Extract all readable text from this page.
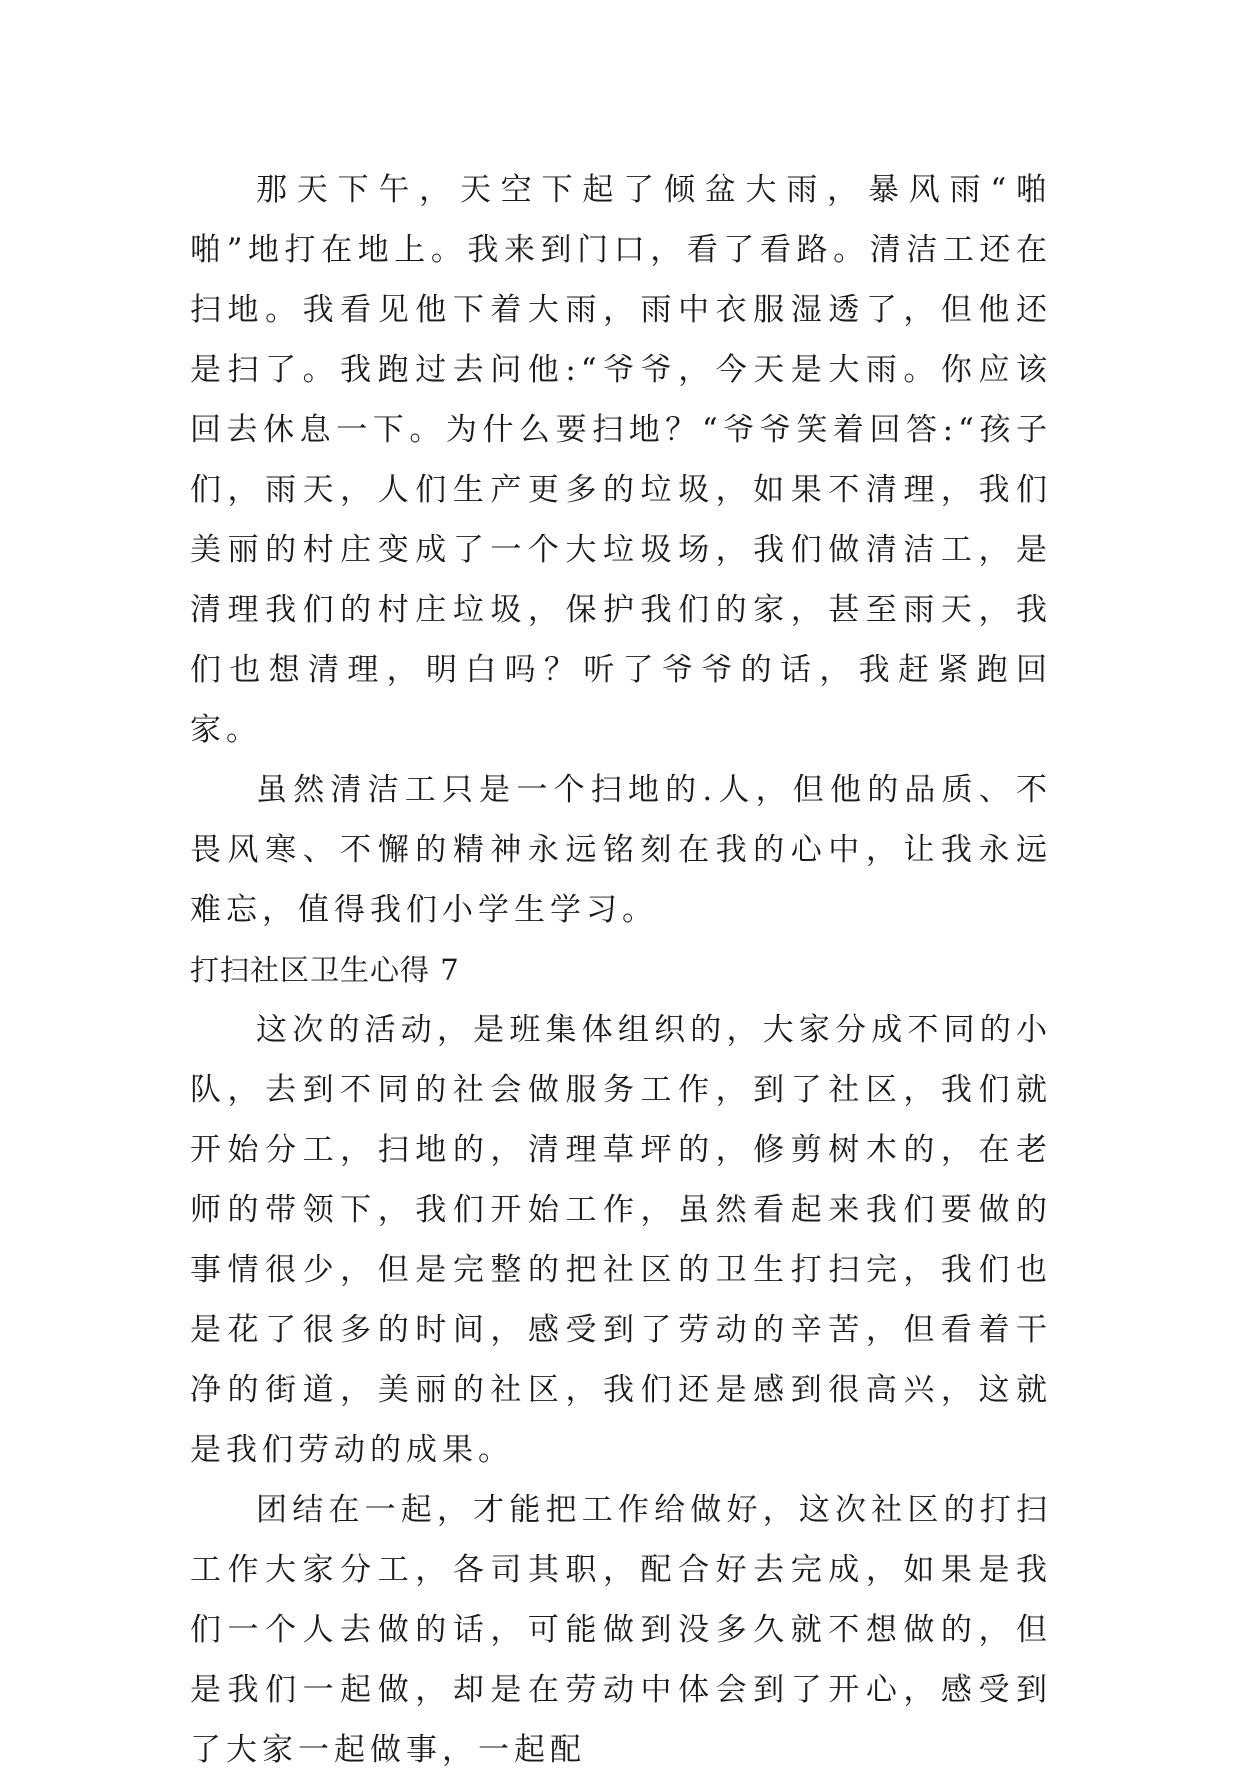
那天下午，天空下起了倾盆大雨，暴风雨“啪啪”地打在地上。我来到门口，看了看路。清洁工还在扫地。我看见他下着大雨，雨中衣服湿透了，但他还是扫了。我跑过去问他:“爷爷，今天是大雨。你应该回去休息一下。为什么要扫地？“爷爷笑着回答:“孩子们，雨天，人们生产更多的垃圾，如果不清理，我们美丽的村庄变成了一个大垃圾场，我们做清洁工，是清理我们的村庄垃圾，保护我们的家，甚至雨天，我们也想清理，明白吗？听了爷爷的话，我赶紧跑回家。

虽然清洁工只是一个扫地的.人，但他的品质、不畏风寒、不懈的精神永远铭刻在我的心中，让我永远难忘，值得我们小学生学习。

打扫社区卫生心得 7

这次的活动，是班集体组织的，大家分成不同的小队，去到不同的社会做服务工作，到了社区，我们就开始分工，扫地的，清理草坪的，修剪树木的，在老师的带领下，我们开始工作，虽然看起来我们要做的事情很少，但是完整的把社区的卫生打扫完，我们也是花了很多的时间，感受到了劳动的辛苦，但看着干净的街道，美丽的社区，我们还是感到很高兴，这就是我们劳动的成果。

团结在一起，才能把工作给做好，这次社区的打扫工作大家分工，各司其职，配合好去完成，如果是我们一个人去做的话，可能做到没多久就不想做的，但是我们一起做，却是在劳动中体会到了开心，感受到了大家一起做事，一起配
